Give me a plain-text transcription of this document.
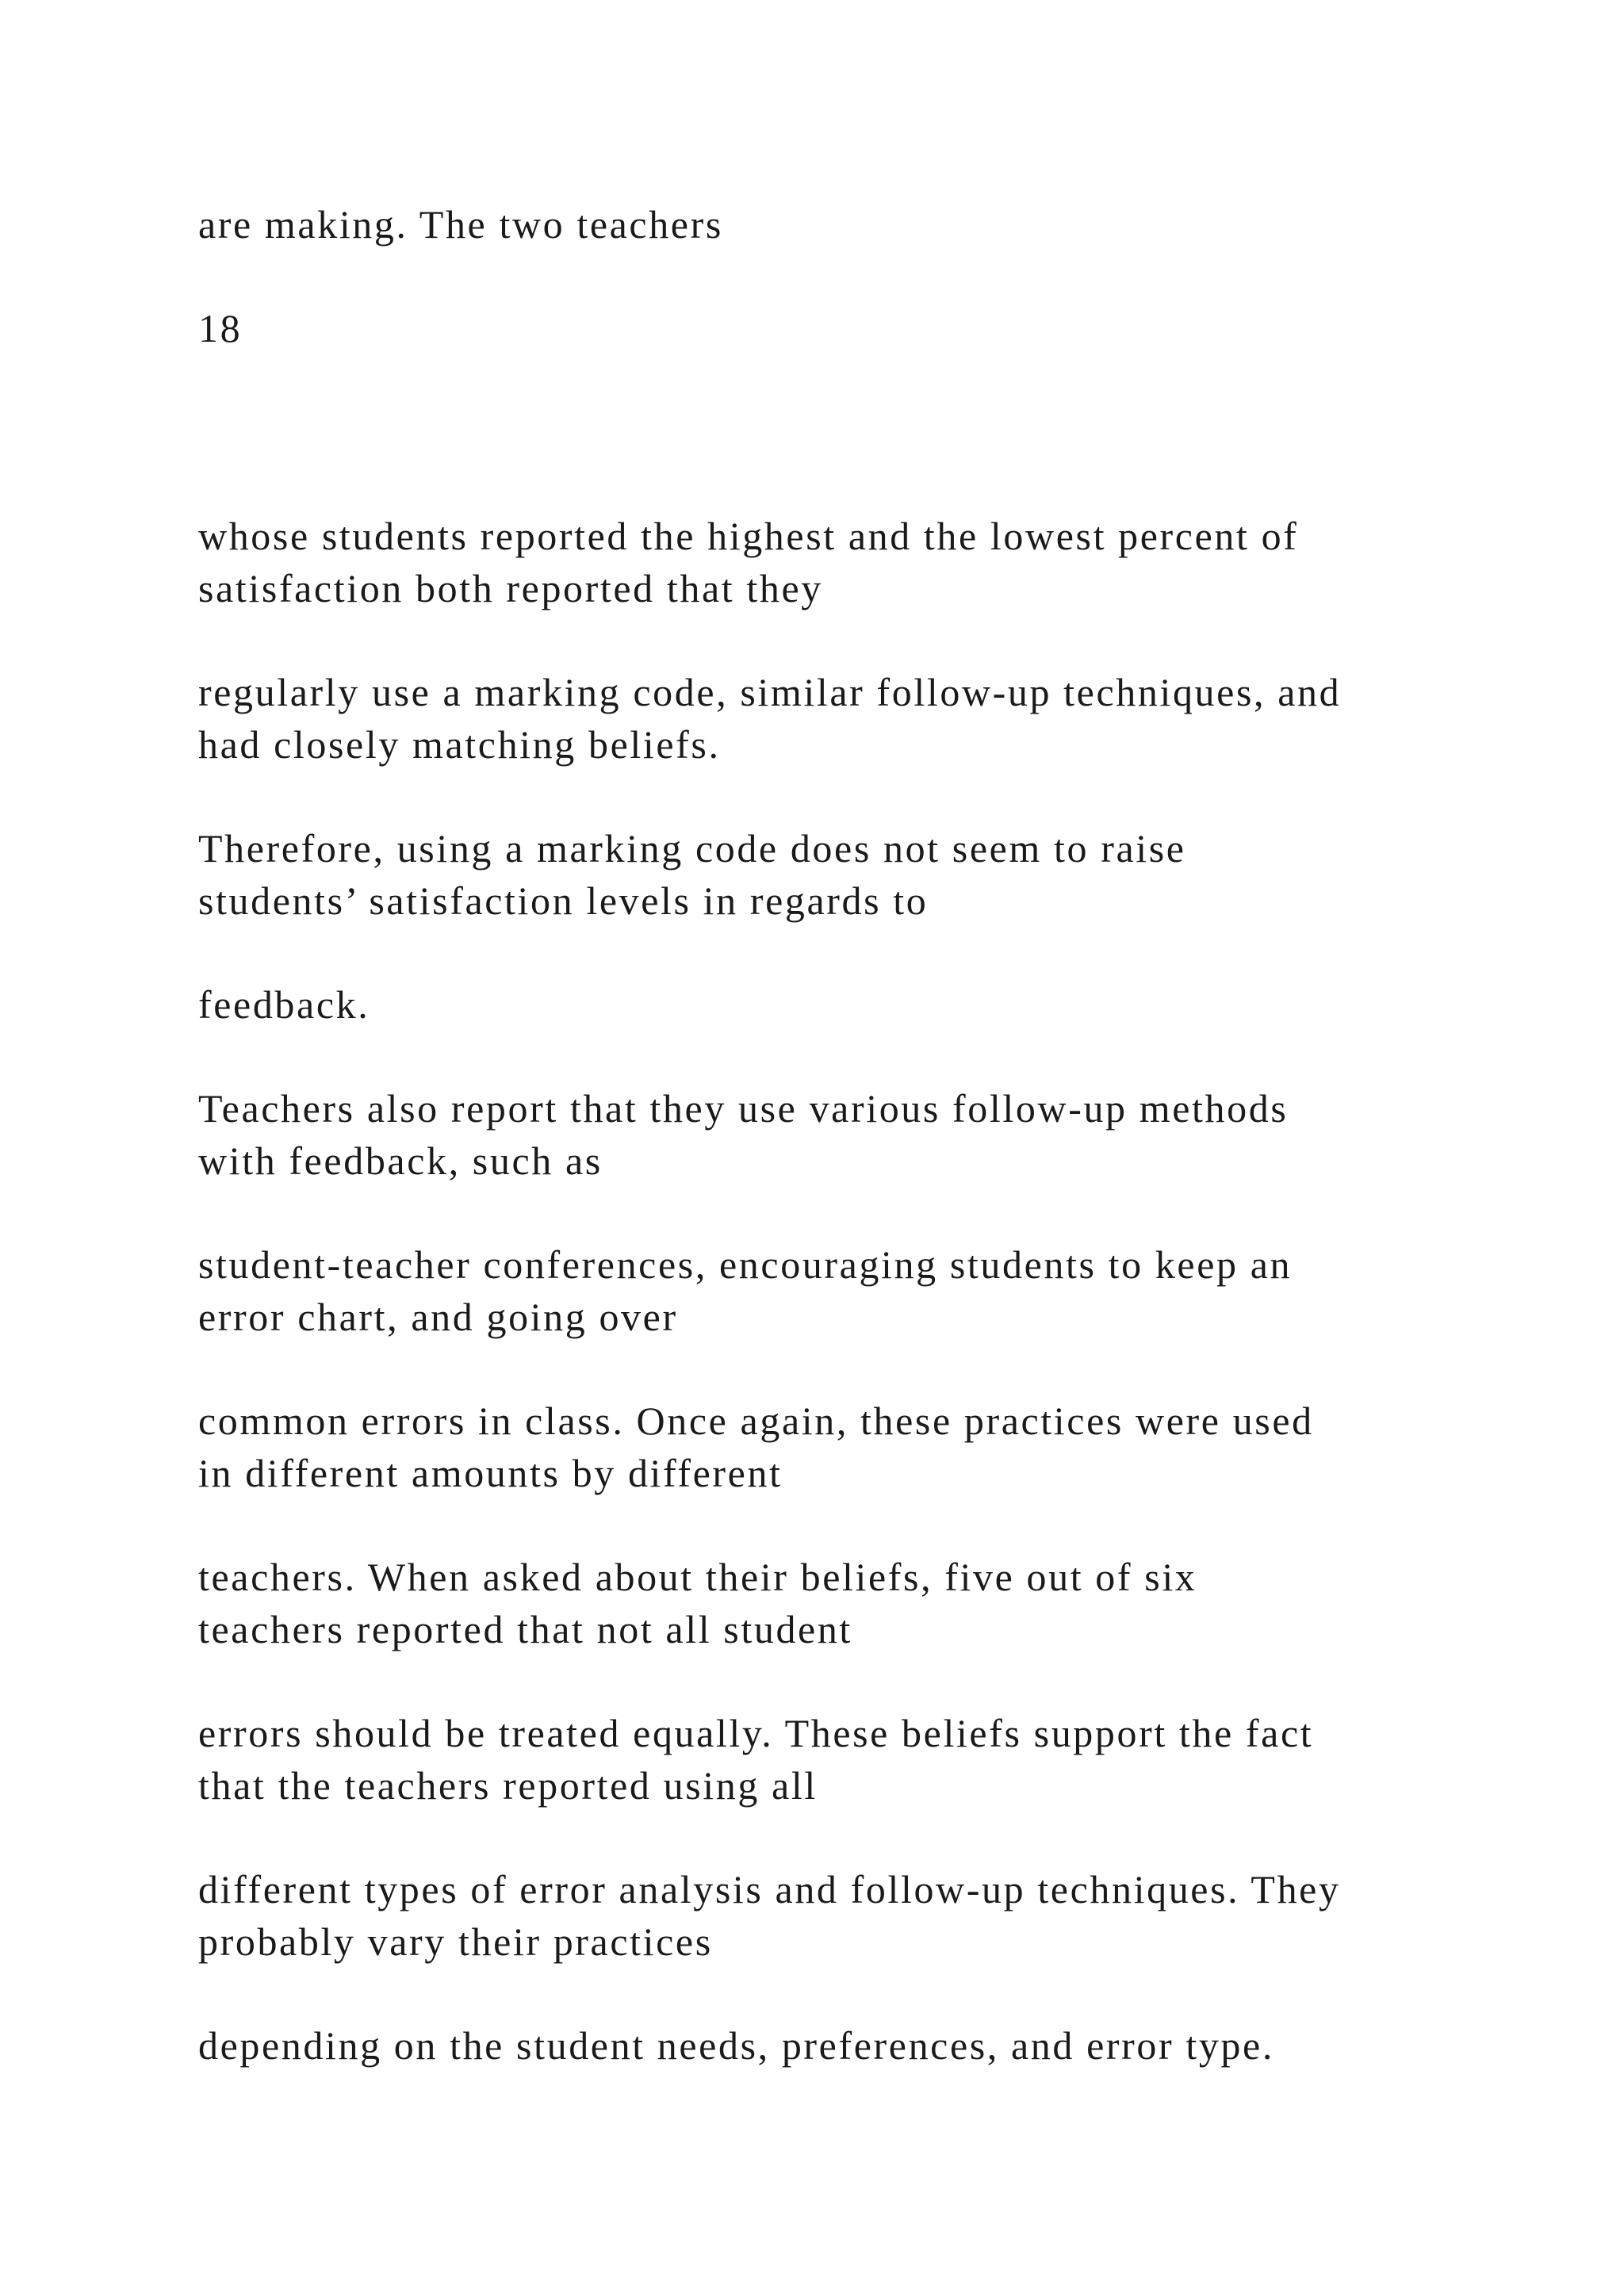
are making. The two teachers

18

whose students reported the highest and the lowest percent of

satisfaction both reported that they

regularly use a marking code, similar follow-up techniques, and

had closely matching beliefs.

Therefore, using a marking code does not seem to raise

students’ satisfaction levels in regards to

feedback.

Teachers also report that they use various follow-up methods

with feedback, such as

student-teacher conferences, encouraging students to keep an

error chart, and going over

common errors in class. Once again, these practices were used

in different amounts by different

teachers. When asked about their beliefs, five out of six

teachers reported that not all student

errors should be treated equally. These beliefs support the fact

that the teachers reported using all

different types of error analysis and follow-up techniques. They

probably vary their practices

depending on the student needs, preferences, and error type.
